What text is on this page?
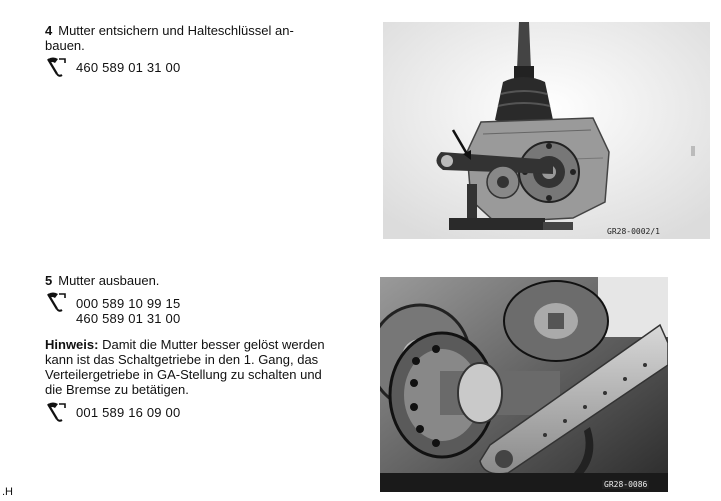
4 Mutter entsichern und Halteschlüssel an-
bauen.
460 589 01 31 00
GR28-0002/1
5 Mutter ausbauen.
000 589 10 99 15
460 589 01 31 00
Hinweis: Damit die Mutter besser gelöst werden
kann ist das Schaltgetriebe in den 1. Gang, das
Verteilergetriebe in GA-Stellung zu schalten und
die Bremse zu betätigen.
001 589 16 09 00
GR28-0086
.H
